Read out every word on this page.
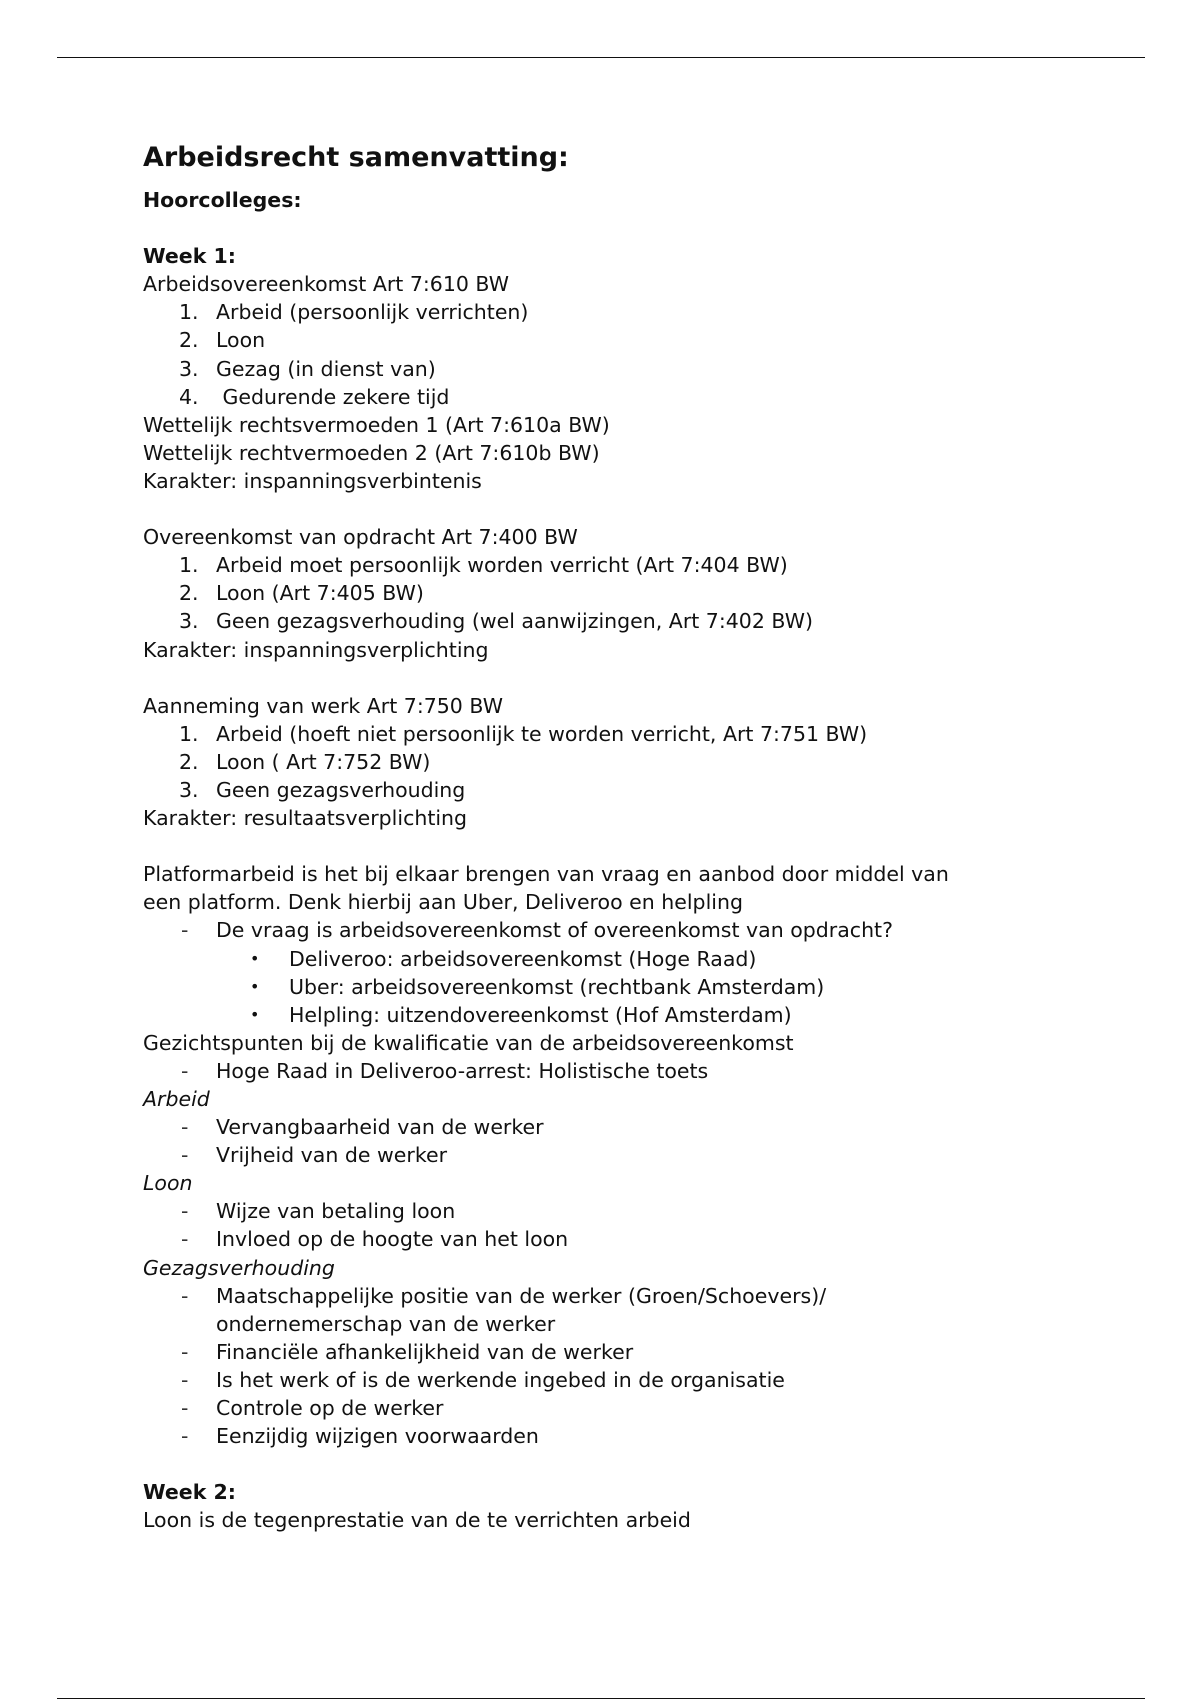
Arbeidsrecht samenvatting:
Hoorcolleges:
Week 1:
Arbeidsovereenkomst Art 7:610 BW
1. Arbeid (persoonlijk verrichten)
2. Loon
3. Gezag (in dienst van)
4. Gedurende zekere tijd
Wettelijk rechtsvermoeden 1 (Art 7:610a BW)
Wettelijk rechtvermoeden 2 (Art 7:610b BW)
Karakter: inspanningsverbintenis
Overeenkomst van opdracht Art 7:400 BW
1. Arbeid moet persoonlijk worden verricht (Art 7:404 BW)
2. Loon (Art 7:405 BW)
3. Geen gezagsverhouding (wel aanwijzingen, Art 7:402 BW)
Karakter: inspanningsverplichting
Aanneming van werk Art 7:750 BW
1. Arbeid (hoeft niet persoonlijk te worden verricht, Art 7:751 BW)
2. Loon ( Art 7:752 BW)
3. Geen gezagsverhouding
Karakter: resultaatsverplichting
Platformarbeid is het bij elkaar brengen van vraag en aanbod door middel van
een platform. Denk hierbij aan Uber, Deliveroo en helpling
- De vraag is arbeidsovereenkomst of overeenkomst van opdracht?
• Deliveroo: arbeidsovereenkomst (Hoge Raad)
• Uber: arbeidsovereenkomst (rechtbank Amsterdam)
• Helpling: uitzendovereenkomst (Hof Amsterdam)
Gezichtspunten bij de kwalificatie van de arbeidsovereenkomst
- Hoge Raad in Deliveroo-arrest: Holistische toets
Arbeid
- Vervangbaarheid van de werker
- Vrijheid van de werker
Loon
- Wijze van betaling loon
- Invloed op de hoogte van het loon
Gezagsverhouding
- Maatschappelijke positie van de werker (Groen/Schoevers)/
ondernemerschap van de werker
- Financiële afhankelijkheid van de werker
- Is het werk of is de werkende ingebed in de organisatie
- Controle op de werker
- Eenzijdig wijzigen voorwaarden
Week 2:
Loon is de tegenprestatie van de te verrichten arbeid
